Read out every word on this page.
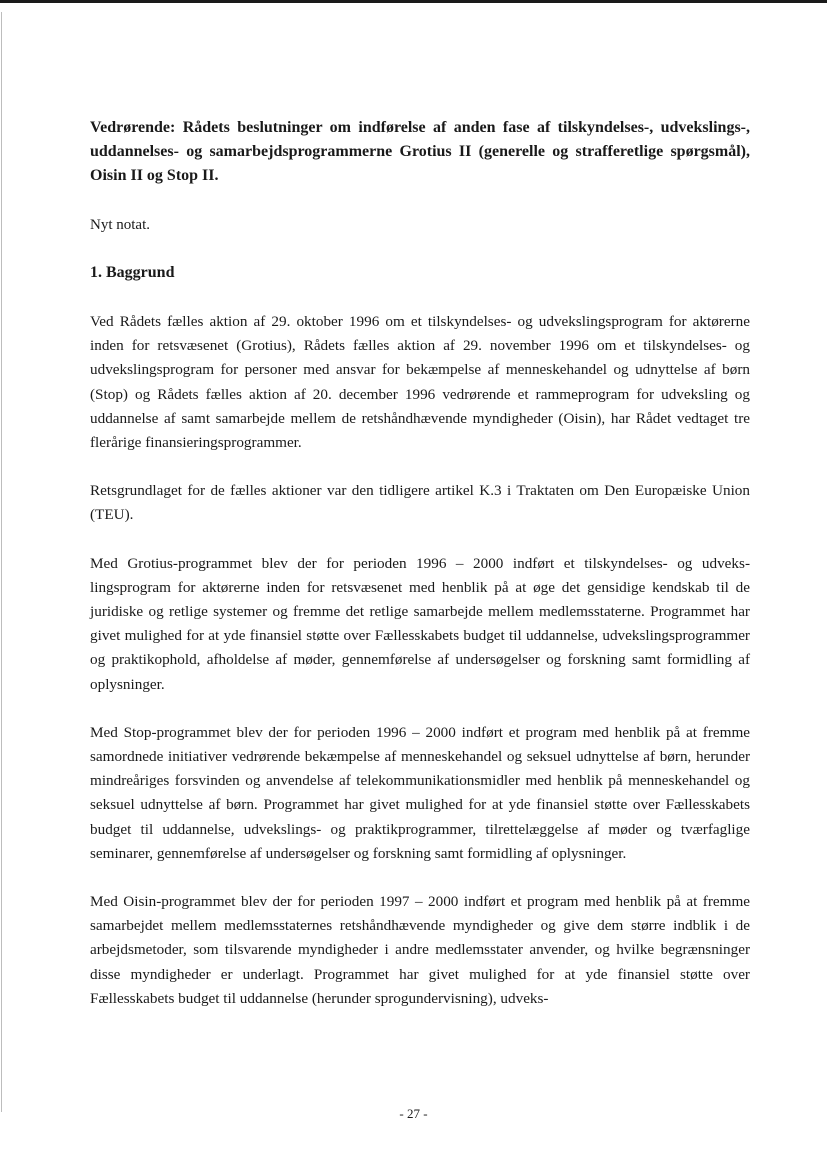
Vedrørende: Rådets beslutninger om indførelse af anden fase af tilskyndelses-, udvekslings-, uddannelses- og samarbejdsprogrammerne Grotius II (generelle og strafferetlige spørgsmål), Oisin II og Stop II.

Nyt notat.

1. Baggrund

Ved Rådets fælles aktion af 29. oktober 1996 om et tilskyndelses- og udvekslingsprogram for aktørerne inden for retsvæsenet (Grotius), Rådets fælles aktion af 29. november 1996 om et tilskyndelses- og udvekslingsprogram for personer med ansvar for bekæmpelse af menneskehandel og udnyttelse af børn (Stop) og Rådets fælles aktion af 20. december 1996 vedrørende et rammeprogram for udveksling og uddannelse af samt samarbejde mellem de retshåndhævende myndigheder (Oisin), har Rådet vedtaget tre flerårige finansieringsprogrammer.

Retsgrundlaget for de fælles aktioner var den tidligere artikel K.3 i Traktaten om Den Europæiske Union (TEU).

Med Grotius-programmet blev der for perioden 1996 – 2000 indført et tilskyndelses- og udvekslingsprogram for aktørerne inden for retsvæsenet med henblik på at øge det gensidige kendskab til de juridiske og retlige systemer og fremme det retlige samarbejde mellem medlemsstaterne. Programmet har givet mulighed for at yde finansiel støtte over Fællesskabets budget til uddannelse, udvekslingsprogrammer og praktikophold, afholdelse af møder, gennemførelse af undersøgelser og forskning samt formidling af oplysninger.

Med Stop-programmet blev der for perioden 1996 – 2000 indført et program med henblik på at fremme samordnede initiativer vedrørende bekæmpelse af menneskehandel og seksuel udnyttelse af børn, herunder mindreåriges forsvinden og anvendelse af telekommunikationsmidler med henblik på menneskehandel og seksuel udnyttelse af børn. Programmet har givet mulighed for at yde finansiel støtte over Fællesskabets budget til uddannelse, udvekslings- og praktikprogrammer, tilrettelæggelse af møder og tværfaglige seminarer, gennemførelse af undersøgelser og forskning samt formidling af oplysninger.

Med Oisin-programmet blev der for perioden 1997 – 2000 indført et program med henblik på at fremme samarbejdet mellem medlemsstaternes retshåndhævende myndigheder og give dem større indblik i de arbejdsmetoder, som tilsvarende myndigheder i andre medlemsstater anvender, og hvilke begrænsninger disse myndigheder er underlagt. Programmet har givet mulighed for at yde finansiel støtte over Fællesskabets budget til uddannelse (herunder sprogundervisning), udveks-

- 27 -
